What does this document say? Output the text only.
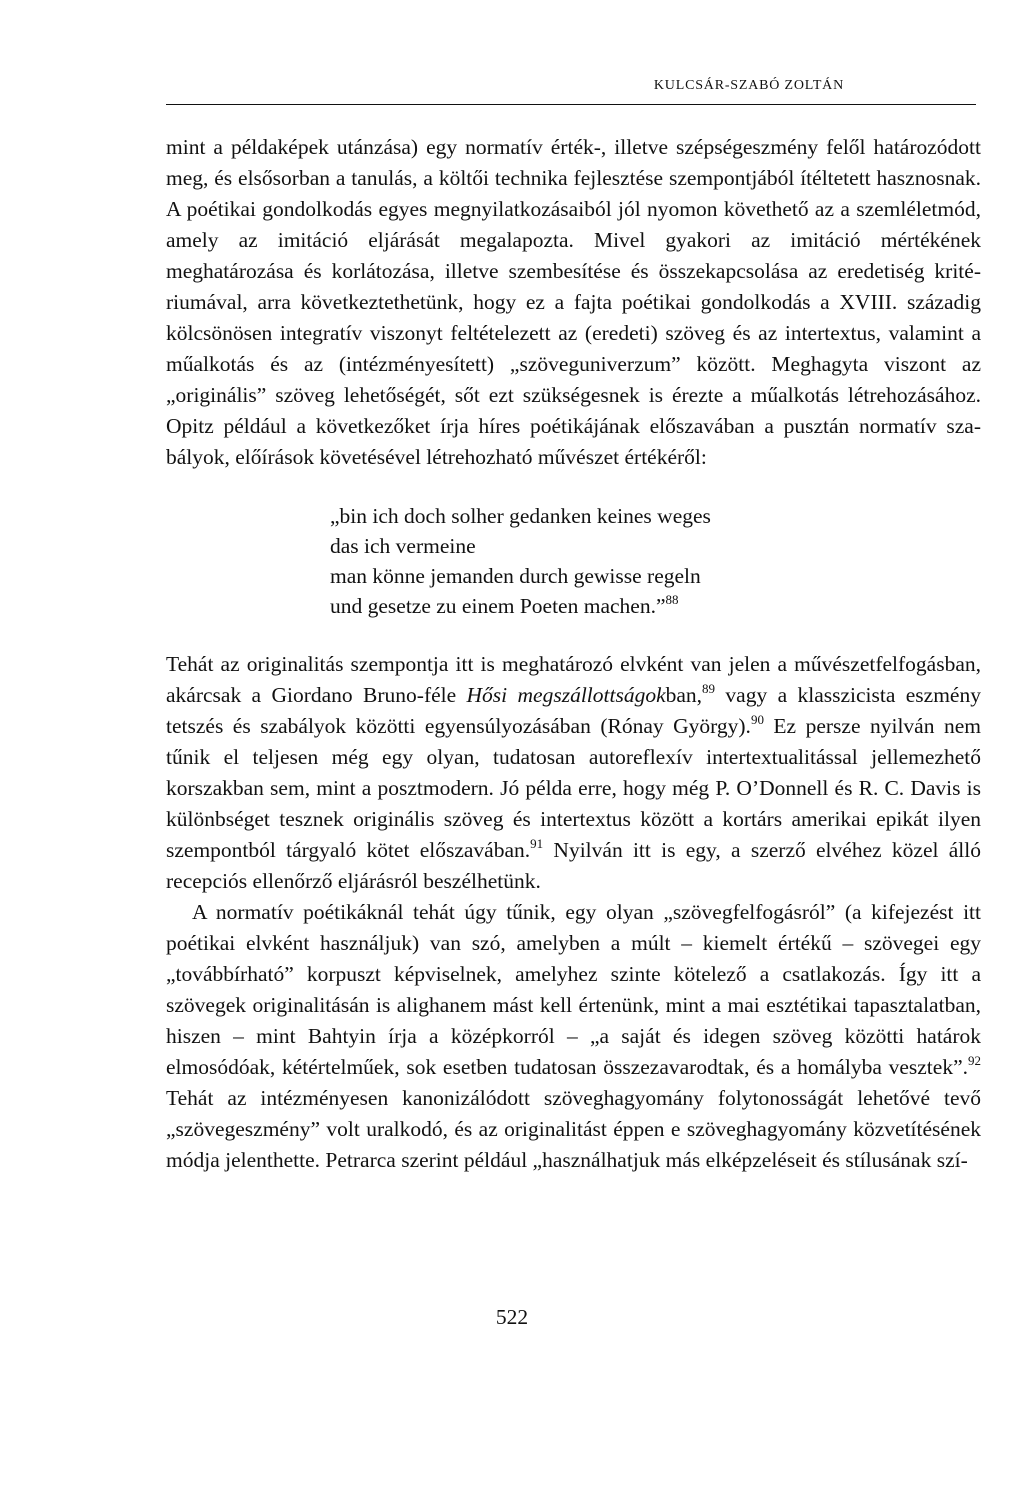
KULCSÁR-SZABÓ ZOLTÁN

mint a példaképek utánzása) egy normatív érték-, illetve szépségeszmény felől határozódott meg, és elsősorban a tanulás, a költői technika fejlesztése szempontjából ítéltetett hasznosnak. A poétikai gondolkodás egyes megnyilatkozásaiból jól nyomon követhető az a szemléletmód, amely az imitáció eljárását megalapozta. Mivel gyakori az imitáció mértékének meghatározása és korlátozása, illetve szembesítése és összekapcsolása az eredetiség kritériumával, arra következtethetünk, hogy ez a fajta poétikai gondolkodás a XVIII. századig kölcsönösen integratív viszonyt feltételezett az (eredeti) szöveg és az intertextus, valamint a műalkotás és az (intézményesített) „szöveguniverzum” között. Meghagyta viszont az „originális” szöveg lehetőségét, sőt ezt szükségesnek is érezte a műalkotás létrehozásához. Opitz például a következőket írja híres poétikájának előszavában a pusztán normatív szabályok, előírások követésével létrehozható művészet értékéről:

„bin ich doch solher gedanken keines weges
das ich vermeine
man könne jemanden durch gewisse regeln
und gesetze zu einem Poeten machen.”$^{88}$

Tehát az originalitás szempontja itt is meghatározó elvként van jelen a művészetfelfogásban, akárcsak a Giordano Bruno-féle Hősi megszállottságokban,$^{89}$ vagy a klasszicista eszmény tetszés és szabályok közötti egyensúlyozásában (Rónay György).$^{90}$ Ez persze nyilván nem tűnik el teljesen még egy olyan, tudatosan autoreflexív intertextualitással jellemezhető korszakban sem, mint a posztmodern. Jó példa erre, hogy még P. O’Donnell és R. C. Davis is különbséget tesznek originális szöveg és intertextus között a kortárs amerikai epikát ilyen szempontból tárgyaló kötet előszavában.$^{91}$ Nyilván itt is egy, a szerző elvéhez közel álló recepciós ellenőrző eljárásról beszélhetünk.

A normatív poétikáknál tehát úgy tűnik, egy olyan „szövegfelfogásról” (a kifejezést itt poétikai elvként használjuk) van szó, amelyben a múlt – kiemelt értékű – szövegei egy „továbbírható” korpuszt képviselnek, amelyhez szinte kötelező a csatlakozás. Így itt a szövegek originalitásán is alighanem mást kell értenünk, mint a mai esztétikai tapasztalatban, hiszen – mint Bahtyin írja a középkorról – „a saját és idegen szöveg közötti határok elmosódóak, kétértelműek, sok esetben tudatosan összezavarodtak, és a homályba vesztek”.$^{92}$ Tehát az intézményesen kanonizálódott szöveghagyomány folytonosságát lehetővé tevő „szövegeszmény” volt uralkodó, és az originalitást éppen e szöveghagyomány közvetítésének módja jelenthette. Petrarca szerint például „használhatjuk más elképzeléseit és stílusának szí-

522
